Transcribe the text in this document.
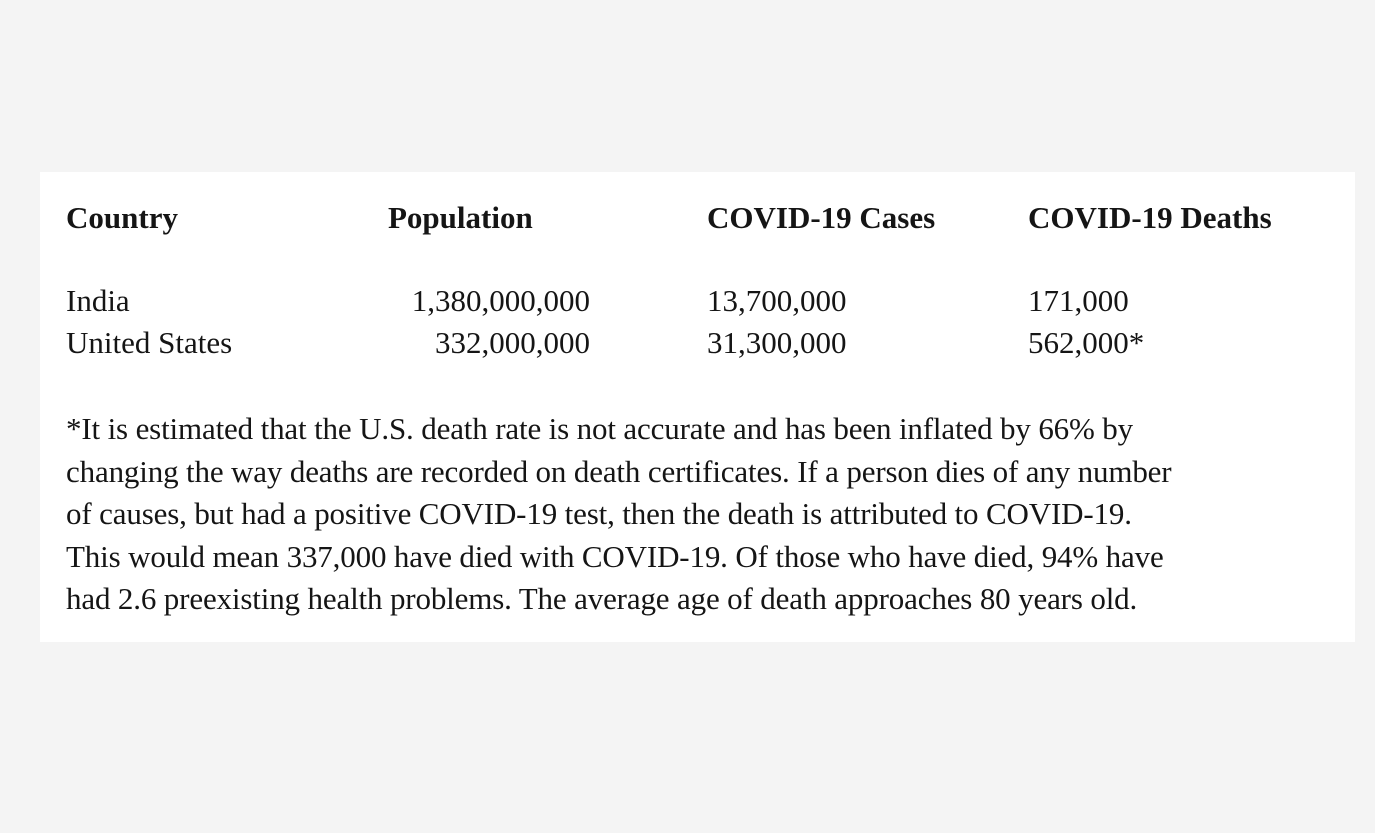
Country	Population	COVID-19 Cases	COVID-19 Deaths
India	1,380,000,000	13,700,000	171,000
United States	332,000,000	31,300,000	562,000*

*It is estimated that the U.S. death rate is not accurate and has been inflated by 66% by
changing the way deaths are recorded on death certificates. If a person dies of any number
of causes, but had a positive COVID-19 test, then the death is attributed to COVID-19.
This would mean 337,000 have died with COVID-19. Of those who have died, 94% have
had 2.6 preexisting health problems. The average age of death approaches 80 years old.
